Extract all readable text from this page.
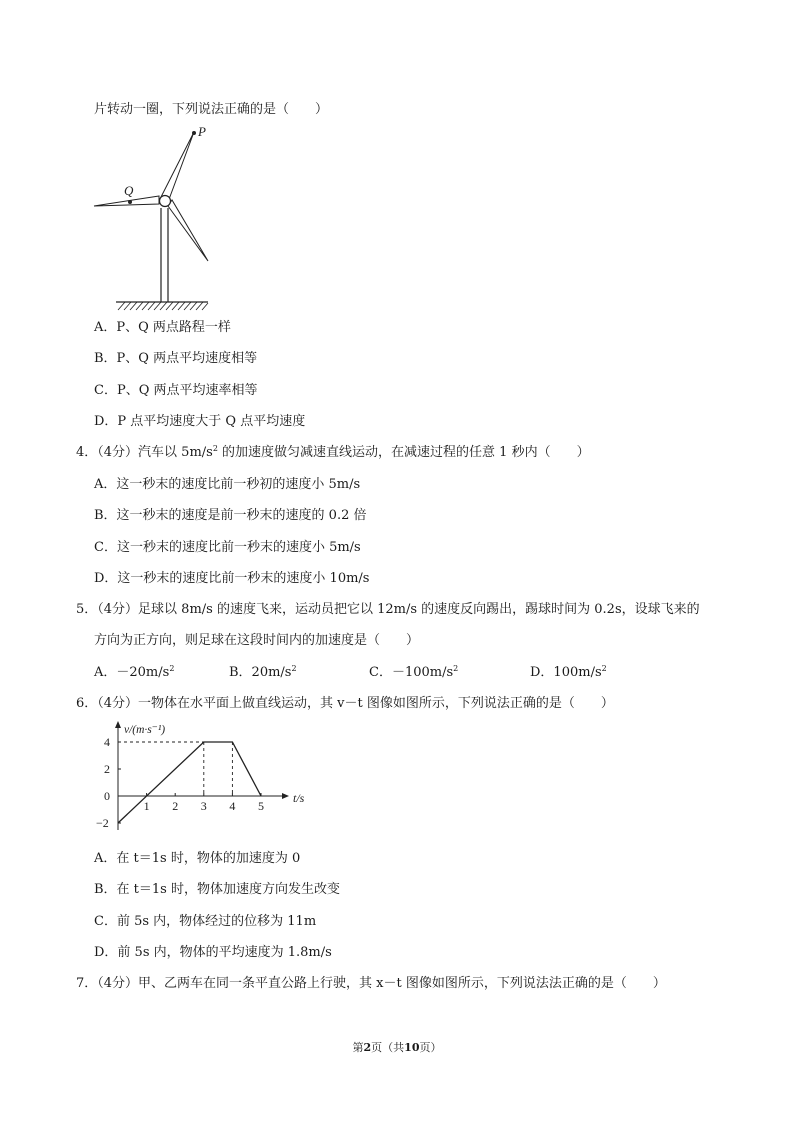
片转动一圈，下列说法正确的是（　　）
P
Q
A．P、Q 两点路程一样
B．P、Q 两点平均速度相等
C．P、Q 两点平均速率相等
D．P 点平均速度大于 Q 点平均速度
4．（4分）汽车以 $5m/s^2$ 的加速度做匀减速直线运动，在减速过程的任意 1 秒内（　　）
A．这一秒末的速度比前一秒初的速度小 5m/s
B．这一秒末的速度是前一秒末的速度的 0.2 倍
C．这一秒末的速度比前一秒末的速度小 5m/s
D．这一秒末的速度比前一秒末的速度小 10m/s
5．（4分）足球以 8m/s 的速度飞来，运动员把它以 12m/s 的速度反向踢出，踢球时间为 0.2s，设球飞来的
方向为正方向，则足球在这段时间内的加速度是（　　）
A．$-20m/s^2$	B．$20m/s^2$	C．$-100m/s^2$	D．$100m/s^2$
6．（4分）一物体在水平面上做直线运动，其 v－t 图像如图所示，下列说法正确的是（　　）
v/(m·s⁻¹)
t/s
1 2 3 4 5
4
2
0
−2
A．在 t＝1s 时，物体的加速度为 0
B．在 t＝1s 时，物体加速度方向发生改变
C．前 5s 内，物体经过的位移为 11m
D．前 5s 内，物体的平均速度为 1.8m/s
7．（4分）甲、乙两车在同一条平直公路上行驶，其 x－t 图像如图所示，下列说法法正确的是（　　）
第2页（共10页）
